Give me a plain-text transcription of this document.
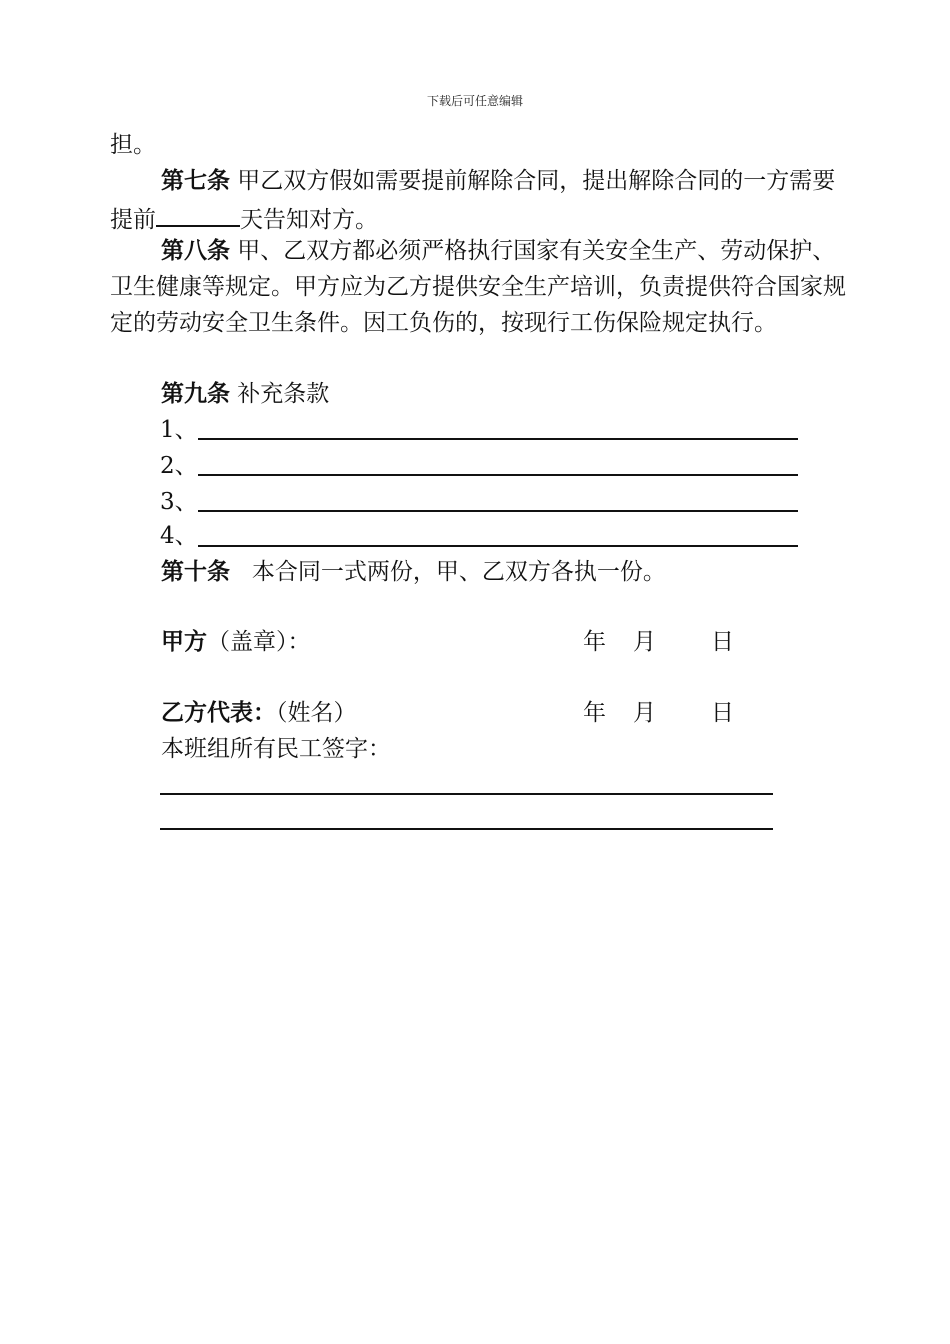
下载后可任意编辑

担。

第七条 甲乙双方假如需要提前解除合同，提出解除合同的一方需要提前	天告知对方。

第八条 甲、乙双方都必须严格执行国家有关安全生产、劳动保护、卫生健康等规定。甲方应为乙方提供安全生产培训，负责提供符合国家规定的劳动安全卫生条件。因工负伤的，按现行工伤保险规定执行。

第九条 补充条款

1、
2、
3、
4、

第十条   本合同一式两份，甲、乙双方各执一份。

甲方（盖章）：	年 月 日
乙方代表：（姓名）	年 月 日
本班组所有民工签字：
